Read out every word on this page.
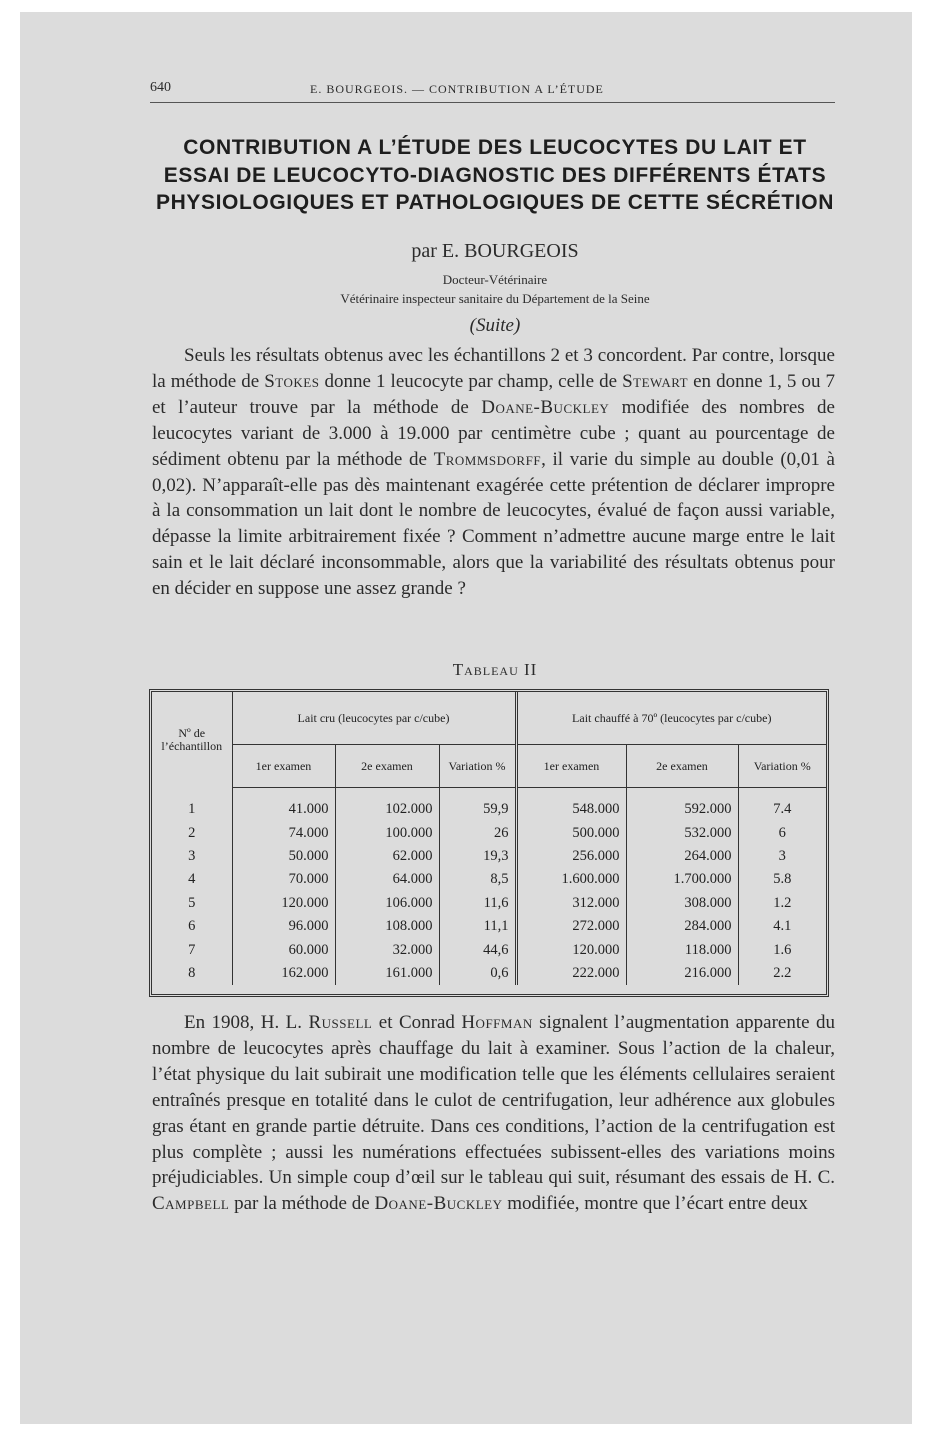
640	E. BOURGEOIS. — CONTRIBUTION A L’ÉTUDE
CONTRIBUTION A L’ÉTUDE DES LEUCOCYTES DU LAIT ET ESSAI DE LEUCOCYTO-DIAGNOSTIC DES DIFFÉRENTS ÉTATS PHYSIOLOGIQUES ET PATHOLOGIQUES DE CETTE SÉCRÉTION
par E. BOURGEOIS
Docteur-Vétérinaire
Vétérinaire inspecteur sanitaire du Département de la Seine
(Suite)
Seuls les résultats obtenus avec les échantillons 2 et 3 concordent. Par contre, lorsque la méthode de Stokes donne 1 leucocyte par champ, celle de Stewart en donne 1, 5 ou 7 et l’auteur trouve par la méthode de Doane-Buckley modifiée des nombres de leucocytes variant de 3.000 à 19.000 par centimètre cube ; quant au pourcentage de sédiment obtenu par la méthode de Trommsdorff, il varie du simple au double (0,01 à 0,02). N’apparaît-elle pas dès maintenant exagérée cette prétention de déclarer impropre à la consommation un lait dont le nombre de leucocytes, évalué de façon aussi variable, dépasse la limite arbitrairement fixée ? Comment n’admettre aucune marge entre le lait sain et le lait déclaré inconsommable, alors que la variabilité des résultats obtenus pour en décider en suppose une assez grande ?
Tableau II
Nº de l’échantillon	Lait cru (leucocytes par c/cube)			Lait chauffé à 70º (leucocytes par c/cube)		
	1er examen	2e examen	Variation %	1er examen	2e examen	Variation %
1	41.000	102.000	59,9	548.000	592.000	7.4
2	74.000	100.000	26	500.000	532.000	6
3	50.000	62.000	19,3	256.000	264.000	3
4	70.000	64.000	8,5	1.600.000	1.700.000	5.8
5	120.000	106.000	11,6	312.000	308.000	1.2
6	96.000	108.000	11,1	272.000	284.000	4.1
7	60.000	32.000	44,6	120.000	118.000	1.6
8	162.000	161.000	0,6	222.000	216.000	2.2
En 1908, H. L. Russell et Conrad Hoffman signalent l’augmentation apparente du nombre de leucocytes après chauffage du lait à examiner. Sous l’action de la chaleur, l’état physique du lait subirait une modification telle que les éléments cellulaires seraient entraînés presque en totalité dans le culot de centrifugation, leur adhérence aux globules gras étant en grande partie détruite. Dans ces conditions, l’action de la centrifugation est plus complète ; aussi les numérations effectuées subissent-elles des variations moins préjudiciables. Un simple coup d’œil sur le tableau qui suit, résumant des essais de H. C. Campbell par la méthode de Doane-Buckley modifiée, montre que l’écart entre deux
